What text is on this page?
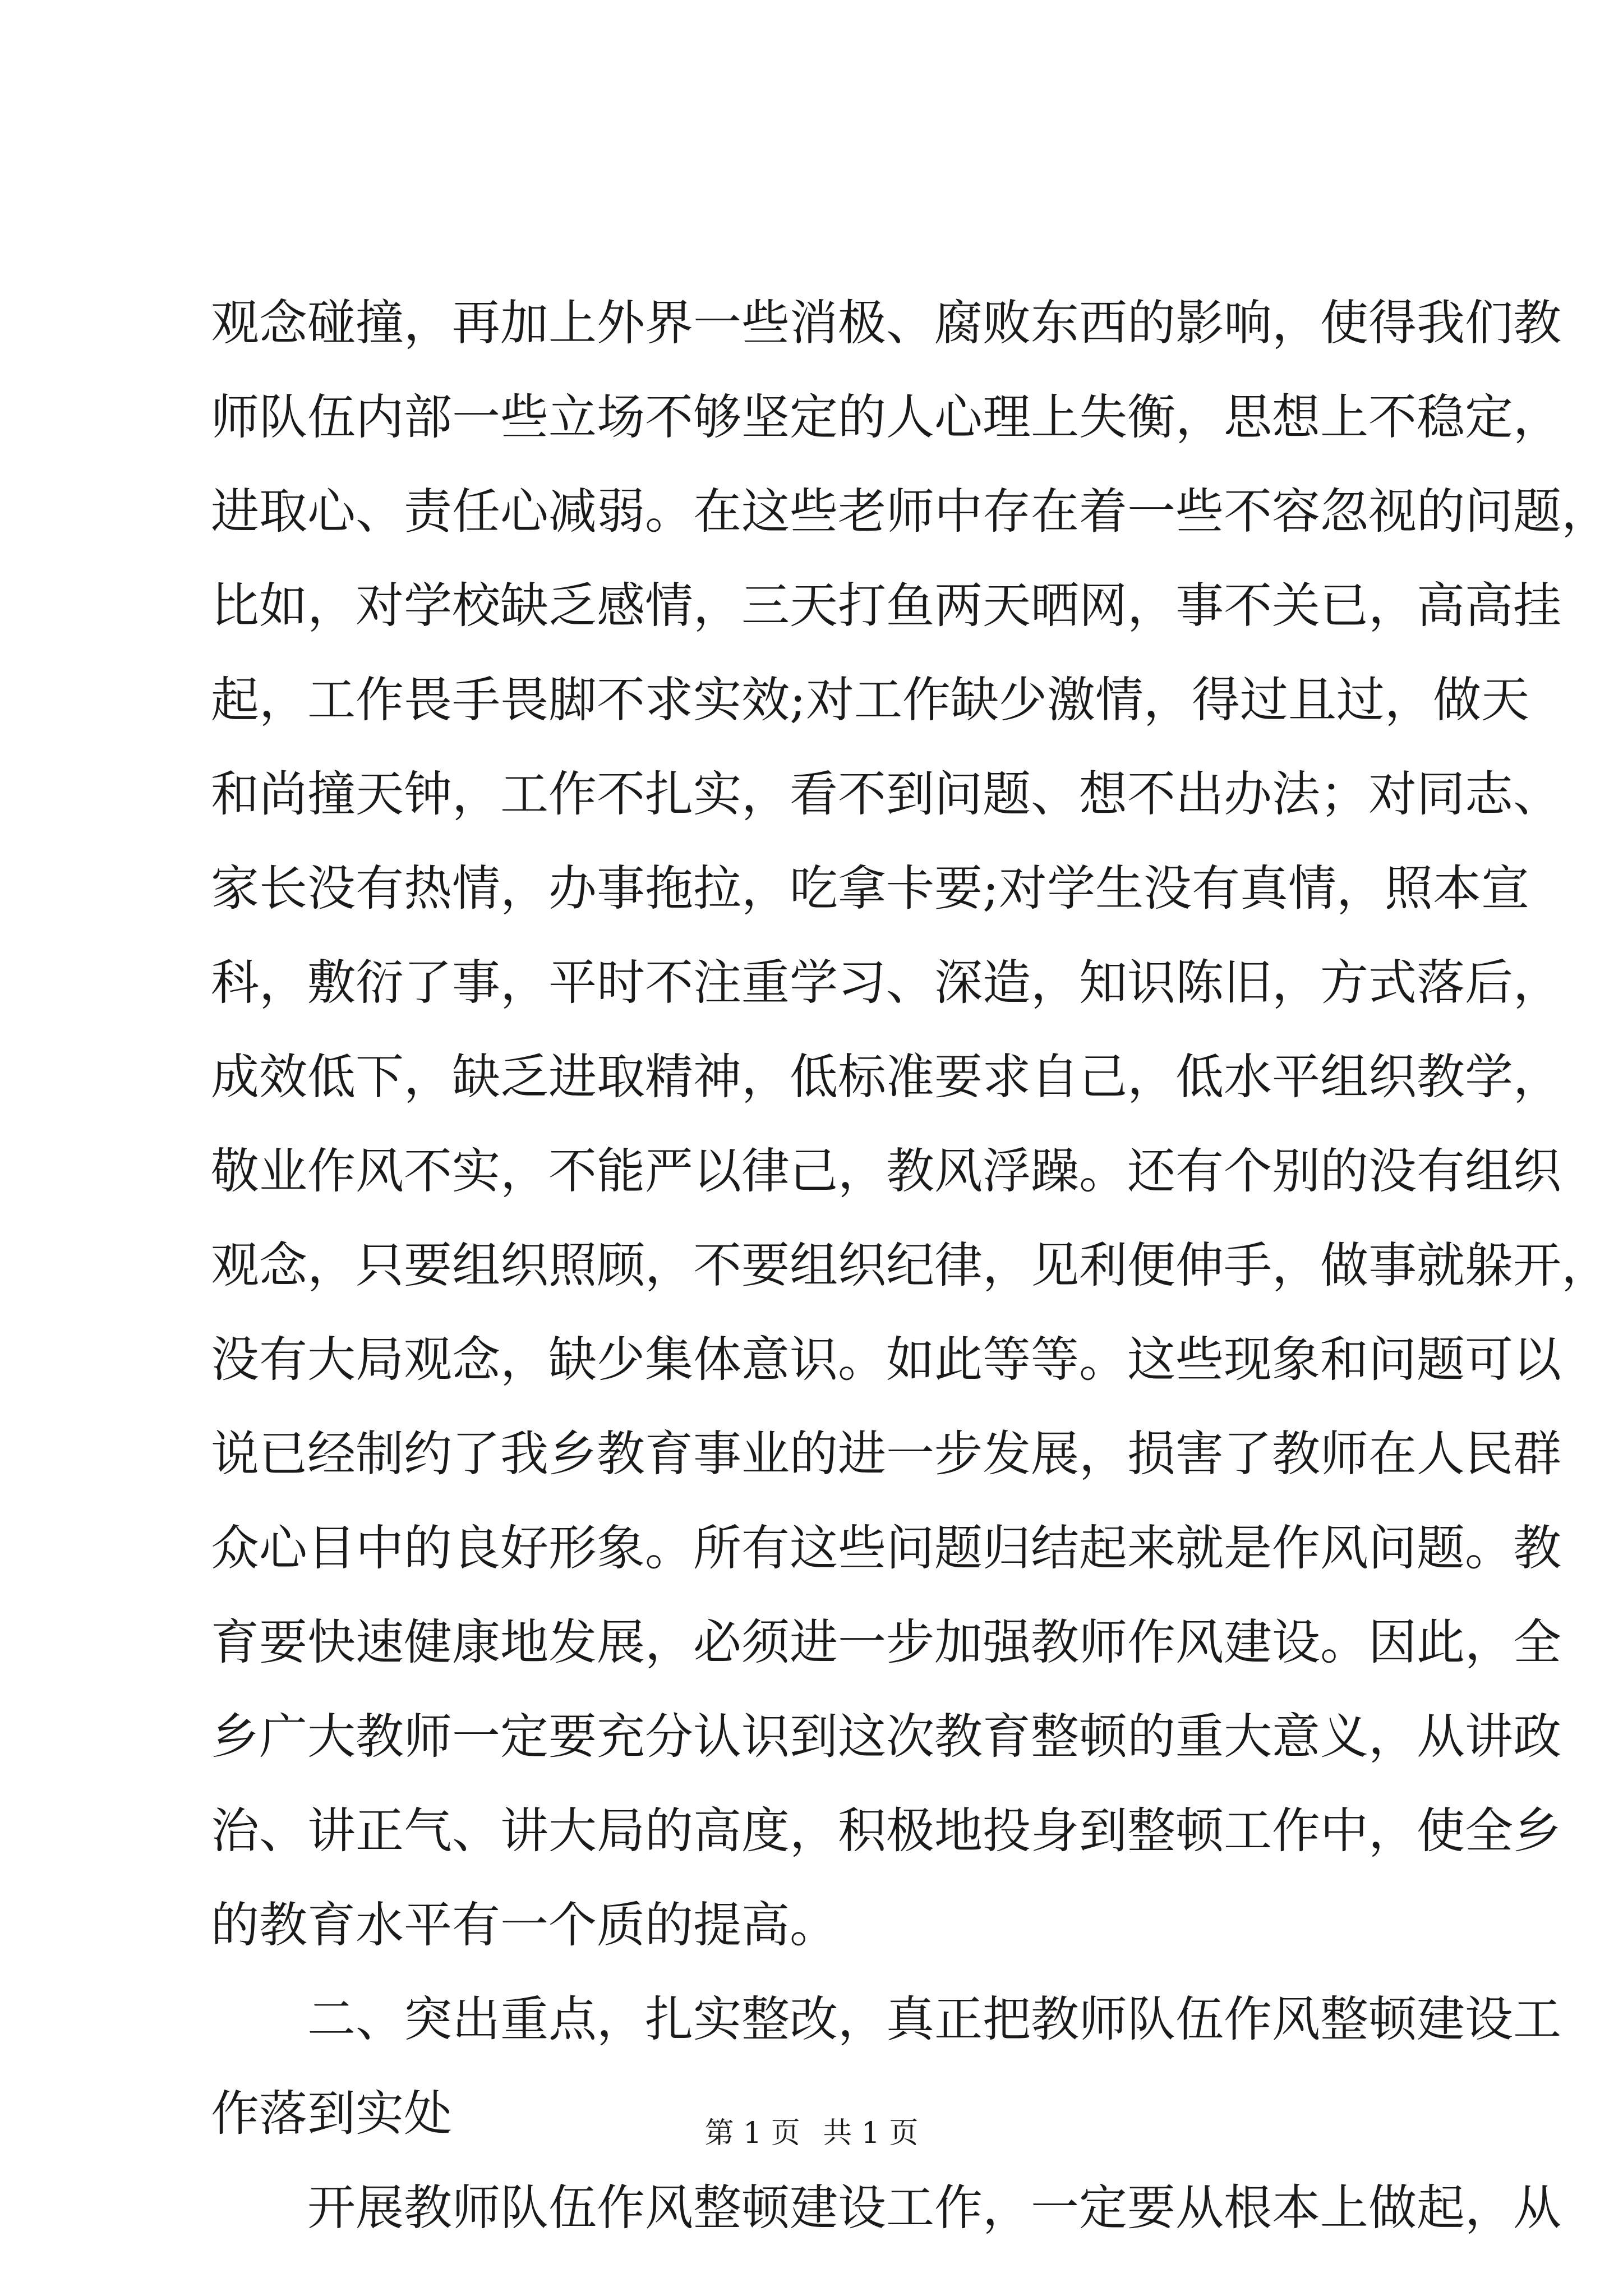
观念碰撞，再加上外界一些消极、腐败东西的影响，使得我们教
师队伍内部一些立场不够坚定的人心理上失衡，思想上不稳定，
进取心、责任心减弱。在这些老师中存在着一些不容忽视的问题，
比如，对学校缺乏感情，三天打鱼两天晒网，事不关已，高高挂
起，工作畏手畏脚不求实效;对工作缺少激情，得过且过，做天
和尚撞天钟，工作不扎实，看不到问题、想不出办法；对同志、
家长没有热情，办事拖拉，吃拿卡要;对学生没有真情，照本宣
科，敷衍了事，平时不注重学习、深造，知识陈旧，方式落后，
成效低下，缺乏进取精神，低标准要求自己，低水平组织教学，
敬业作风不实，不能严以律己，教风浮躁。还有个别的没有组织
观念，只要组织照顾，不要组织纪律，见利便伸手，做事就躲开，
没有大局观念，缺少集体意识。如此等等。这些现象和问题可以
说已经制约了我乡教育事业的进一步发展，损害了教师在人民群
众心目中的良好形象。所有这些问题归结起来就是作风问题。教
育要快速健康地发展，必须进一步加强教师作风建设。因此，全
乡广大教师一定要充分认识到这次教育整顿的重大意义，从讲政
治、讲正气、讲大局的高度，积极地投身到整顿工作中，使全乡
的教育水平有一个质的提高。
二、突出重点，扎实整改，真正把教师队伍作风整顿建设工
作落到实处
开展教师队伍作风整顿建设工作，一定要从根本上做起，从
第 1 页 共 1 页
